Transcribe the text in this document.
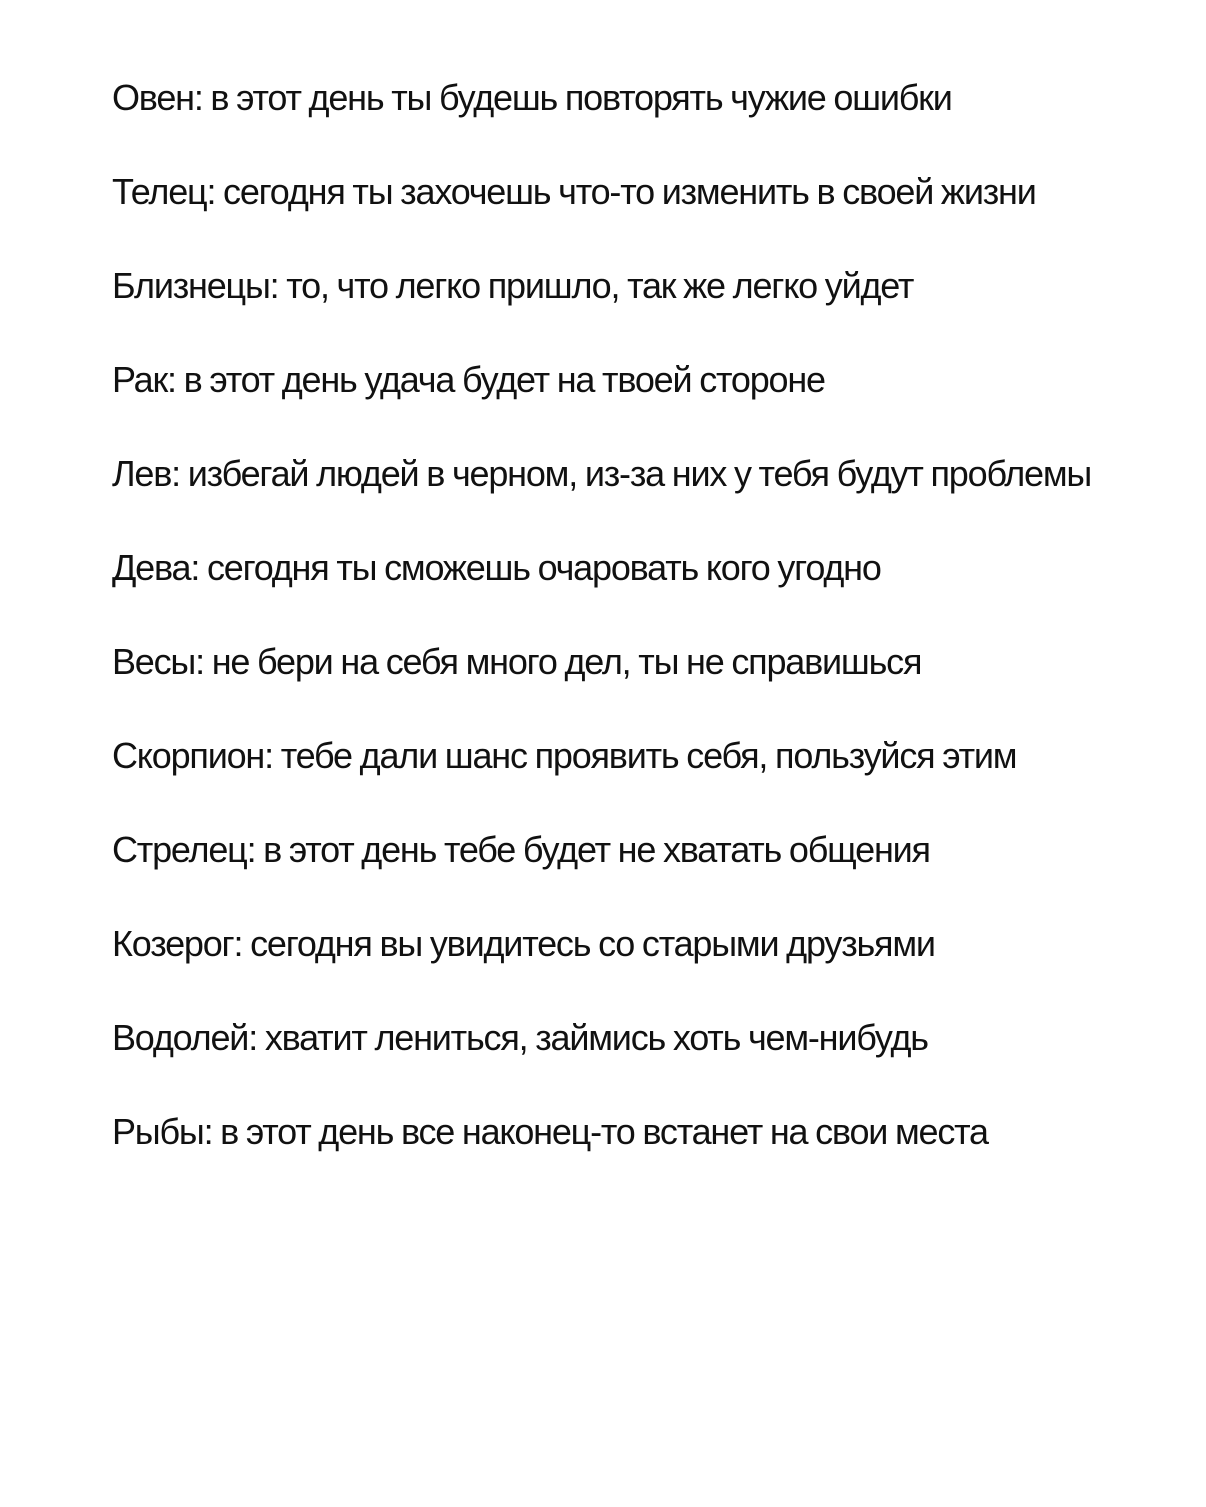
Овен: в этот день ты будешь повторять чужие ошибки

Телец: сегодня ты захочешь что-то изменить в своей жизни

Близнецы: то, что легко пришло, так же легко уйдет

Рак: в этот день удача будет на твоей стороне

Лев: избегай людей в черном, из-за них у тебя будут проблемы

Дева: сегодня ты сможешь очаровать кого угодно

Весы: не бери на себя много дел, ты не справишься

Скорпион: тебе дали шанс проявить себя, пользуйся этим

Стрелец: в этот день тебе будет не хватать общения

Козерог: сегодня вы увидитесь со старыми друзьями

Водолей: хватит лениться, займись хоть чем-нибудь

Рыбы: в этот день все наконец-то встанет на свои места
